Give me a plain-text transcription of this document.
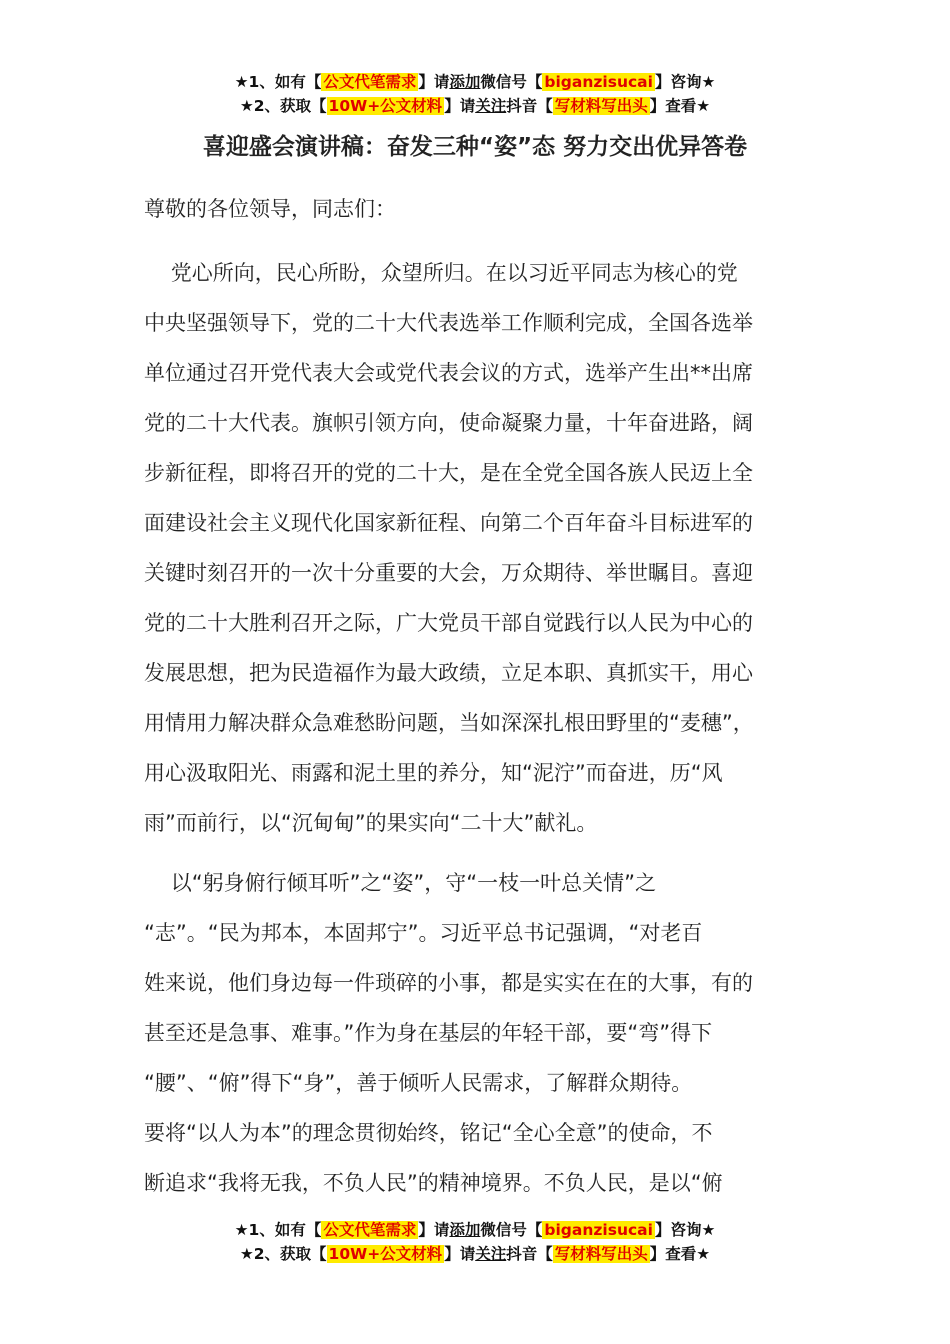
★1、如有【 公文代笔需求 】请添加微信号【 biganzisucai 】咨询★
★2、获取【 10W+公文材料 】请关注抖音【 写材料写出头 】查看★
喜迎盛会演讲稿：奋发三种“姿”态 努力交出优异答卷

尊敬的各位领导，同志们：

党心所向，民心所盼，众望所归。在以习近平同志为核心的党

中央坚强领导下，党的二十大代表选举工作顺利完成，全国各选举

单位通过召开党代表大会或党代表会议的方式，选举产生出**出席

党的二十大代表。旗帜引领方向，使命凝聚力量，十年奋进路，阔

步新征程，即将召开的党的二十大，是在全党全国各族人民迈上全

面建设社会主义现代化国家新征程、向第二个百年奋斗目标进军的

关键时刻召开的一次十分重要的大会，万众期待、举世瞩目。喜迎

党的二十大胜利召开之际，广大党员干部自觉践行以人民为中心的

发展思想，把为民造福作为最大政绩，立足本职、真抓实干，用心

用情用力解决群众急难愁盼问题，当如深深扎根田野里的“麦穗”，

用心汲取阳光、雨露和泥土里的养分，知“泥泞”而奋进，历“风

雨”而前行，以“沉甸甸”的果实向“二十大”献礼。

以“躬身俯行倾耳听”之“姿”，守“一枝一叶总关情”之

“志”。“民为邦本，本固邦宁”。习近平总书记强调，“对老百

姓来说，他们身边每一件琐碎的小事，都是实实在在的大事，有的

甚至还是急事、难事。”作为身在基层的年轻干部，要“弯”得下

“腰”、“俯”得下“身”，善于倾听人民需求，了解群众期待。

要将“以人为本”的理念贯彻始终，铭记“全心全意”的使命，不

断追求“我将无我，不负人民”的精神境界。不负人民，是以“俯

★1、如有【 公文代笔需求 】请添加微信号【 biganzisucai 】咨询★
★2、获取【 10W+公文材料 】请关注抖音【 写材料写出头 】查看★
